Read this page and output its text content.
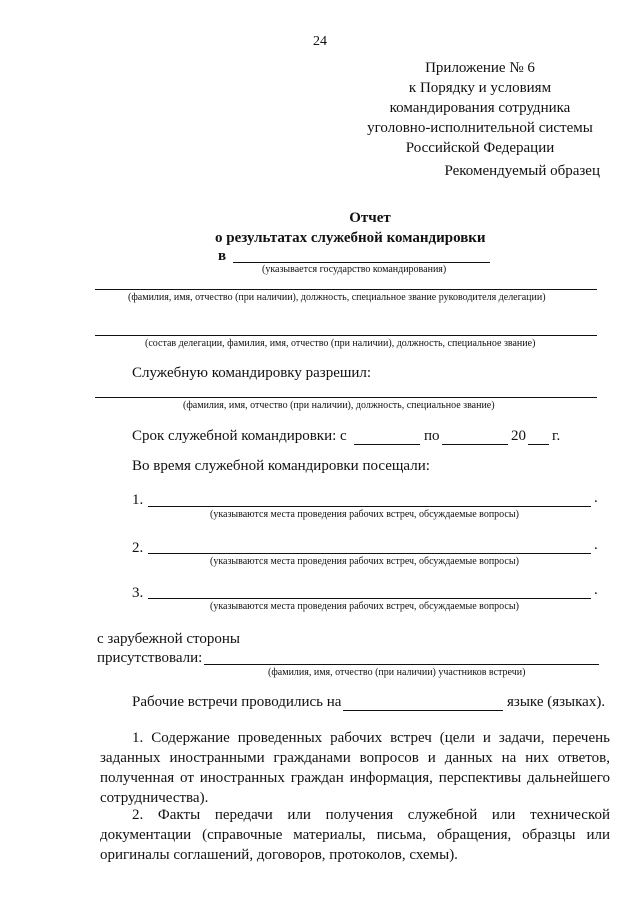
24
Приложение № 6
к Порядку и условиям
командирования сотрудника
уголовно-исполнительной системы
Российской Федерации
Рекомендуемый образец
Отчет
о результатах служебной командировки
в
(указывается государство командирования)
(фамилия, имя, отчество (при наличии), должность, специальное звание руководителя делегации)
(состав делегации, фамилия, имя, отчество (при наличии), должность, специальное звание)
Служебную командировку разрешил:
(фамилия, имя, отчество (при наличии), должность, специальное звание)
Срок служебной командировки: с	по	20 г.
Во время служебной командировки посещали:
1.	.
(указываются места проведения рабочих встреч, обсуждаемые вопросы)
2.	.
(указываются места проведения рабочих встреч, обсуждаемые вопросы)
3.	.
(указываются места проведения рабочих встреч, обсуждаемые вопросы)
с зарубежной стороны
присутствовали:
(фамилия, имя, отчество (при наличии) участников встречи)
Рабочие встречи проводились на	языке (языках).
1. Содержание проведенных рабочих встреч (цели и задачи, перечень заданных иностранными гражданами вопросов и данных на них ответов, полученная от иностранных граждан информация, перспективы дальнейшего сотрудничества).
2. Факты передачи или получения служебной или технической документации (справочные материалы, письма, обращения, образцы или оригиналы соглашений, договоров, протоколов, схемы).
